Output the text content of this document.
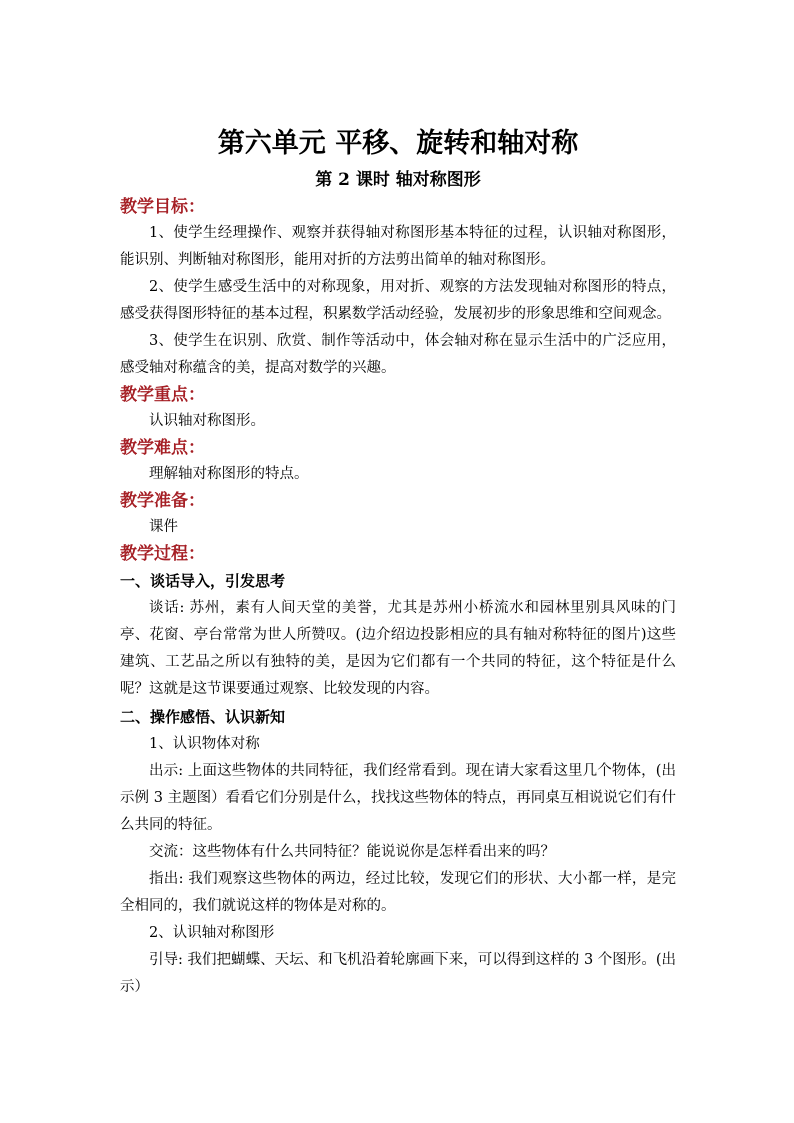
第六单元 平移、旋转和轴对称
第 2 课时 轴对称图形
教学目标：

1、使学生经理操作、观察并获得轴对称图形基本特征的过程，认识轴对称图形，能识别、判断轴对称图形，能用对折的方法剪出简单的轴对称图形。

2、使学生感受生活中的对称现象，用对折、观察的方法发现轴对称图形的特点，感受获得图形特征的基本过程，积累数学活动经验，发展初步的形象思维和空间观念。

3、使学生在识别、欣赏、制作等活动中，体会轴对称在显示生活中的广泛应用，感受轴对称蕴含的美，提高对数学的兴趣。

教学重点：

认识轴对称图形。

教学难点：

理解轴对称图形的特点。

教学准备：

课件

教学过程：
一、谈话导入，引发思考

谈话: 苏州，素有人间天堂的美誉，尤其是苏州小桥流水和园林里别具风味的门亭、花窗、亭台常常为世人所赞叹。(边介绍边投影相应的具有轴对称特征的图片)这些建筑、工艺品之所以有独特的美，是因为它们都有一个共同的特征，这个特征是什么呢？这就是这节课要通过观察、比较发现的内容。

二、操作感悟、认识新知

1、认识物体对称

出示: 上面这些物体的共同特征，我们经常看到。现在请大家看这里几个物体，(出示例 3 主题图）看看它们分别是什么，找找这些物体的特点，再同桌互相说说它们有什么共同的特征。

交流：这些物体有什么共同特征？能说说你是怎样看出来的吗？

指出: 我们观察这些物体的两边，经过比较，发现它们的形状、大小都一样，是完全相同的，我们就说这样的物体是对称的。

2、认识轴对称图形

引导: 我们把蝴蝶、天坛、和飞机沿着轮廓画下来，可以得到这样的 3 个图形。(出示）
